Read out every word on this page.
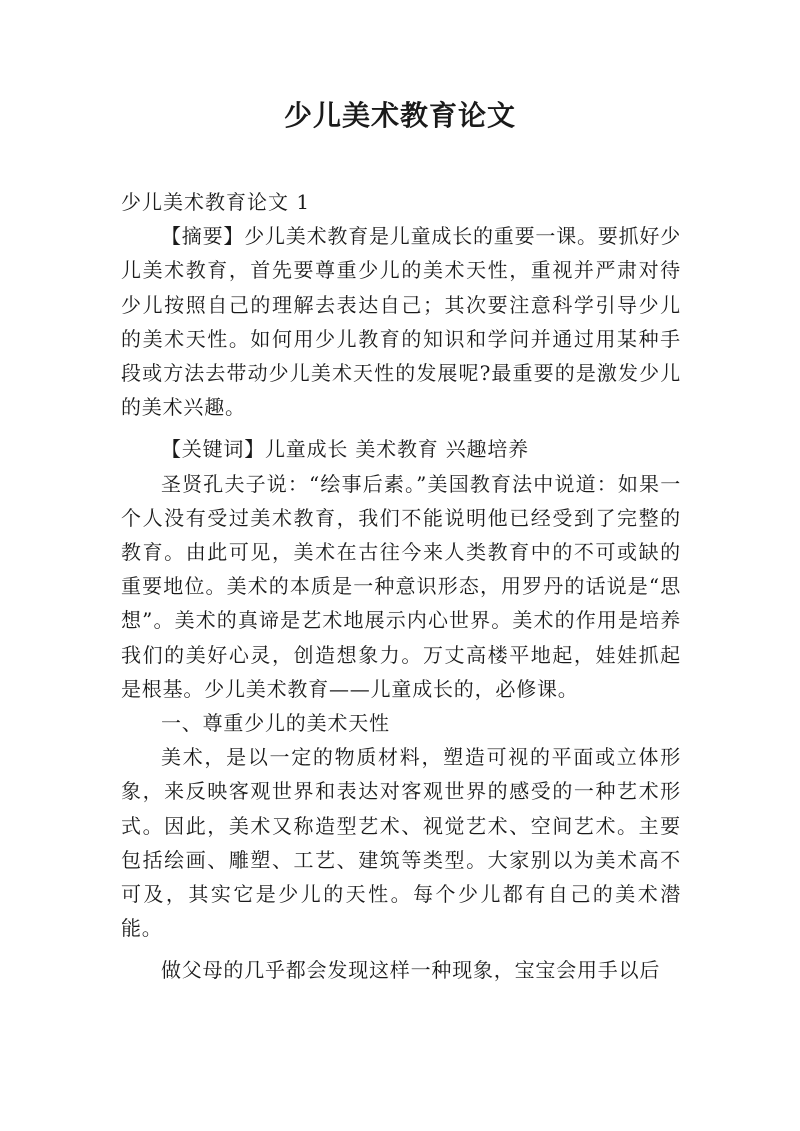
少儿美术教育论文

少儿美术教育论文 1

【摘要】少儿美术教育是儿童成长的重要一课。要抓好少儿美术教育，首先要尊重少儿的美术天性，重视并严肃对待少儿按照自己的理解去表达自己；其次要注意科学引导少儿的美术天性。如何用少儿教育的知识和学问并通过用某种手段或方法去带动少儿美术天性的发展呢?最重要的是激发少儿的美术兴趣。

【关键词】儿童成长 美术教育 兴趣培养

圣贤孔夫子说：“绘事后素。”美国教育法中说道：如果一个人没有受过美术教育，我们不能说明他已经受到了完整的教育。由此可见，美术在古往今来人类教育中的不可或缺的重要地位。美术的本质是一种意识形态，用罗丹的话说是“思想”。美术的真谛是艺术地展示内心世界。美术的作用是培养我们的美好心灵，创造想象力。万丈高楼平地起，娃娃抓起是根基。少儿美术教育——儿童成长的，必修课。

一、尊重少儿的美术天性

美术，是以一定的物质材料，塑造可视的平面或立体形象，来反映客观世界和表达对客观世界的感受的一种艺术形式。因此，美术又称造型艺术、视觉艺术、空间艺术。主要包括绘画、雕塑、工艺、建筑等类型。大家别以为美术高不可及，其实它是少儿的天性。每个少儿都有自己的美术潜能。

做父母的几乎都会发现这样一种现象，宝宝会用手以后
